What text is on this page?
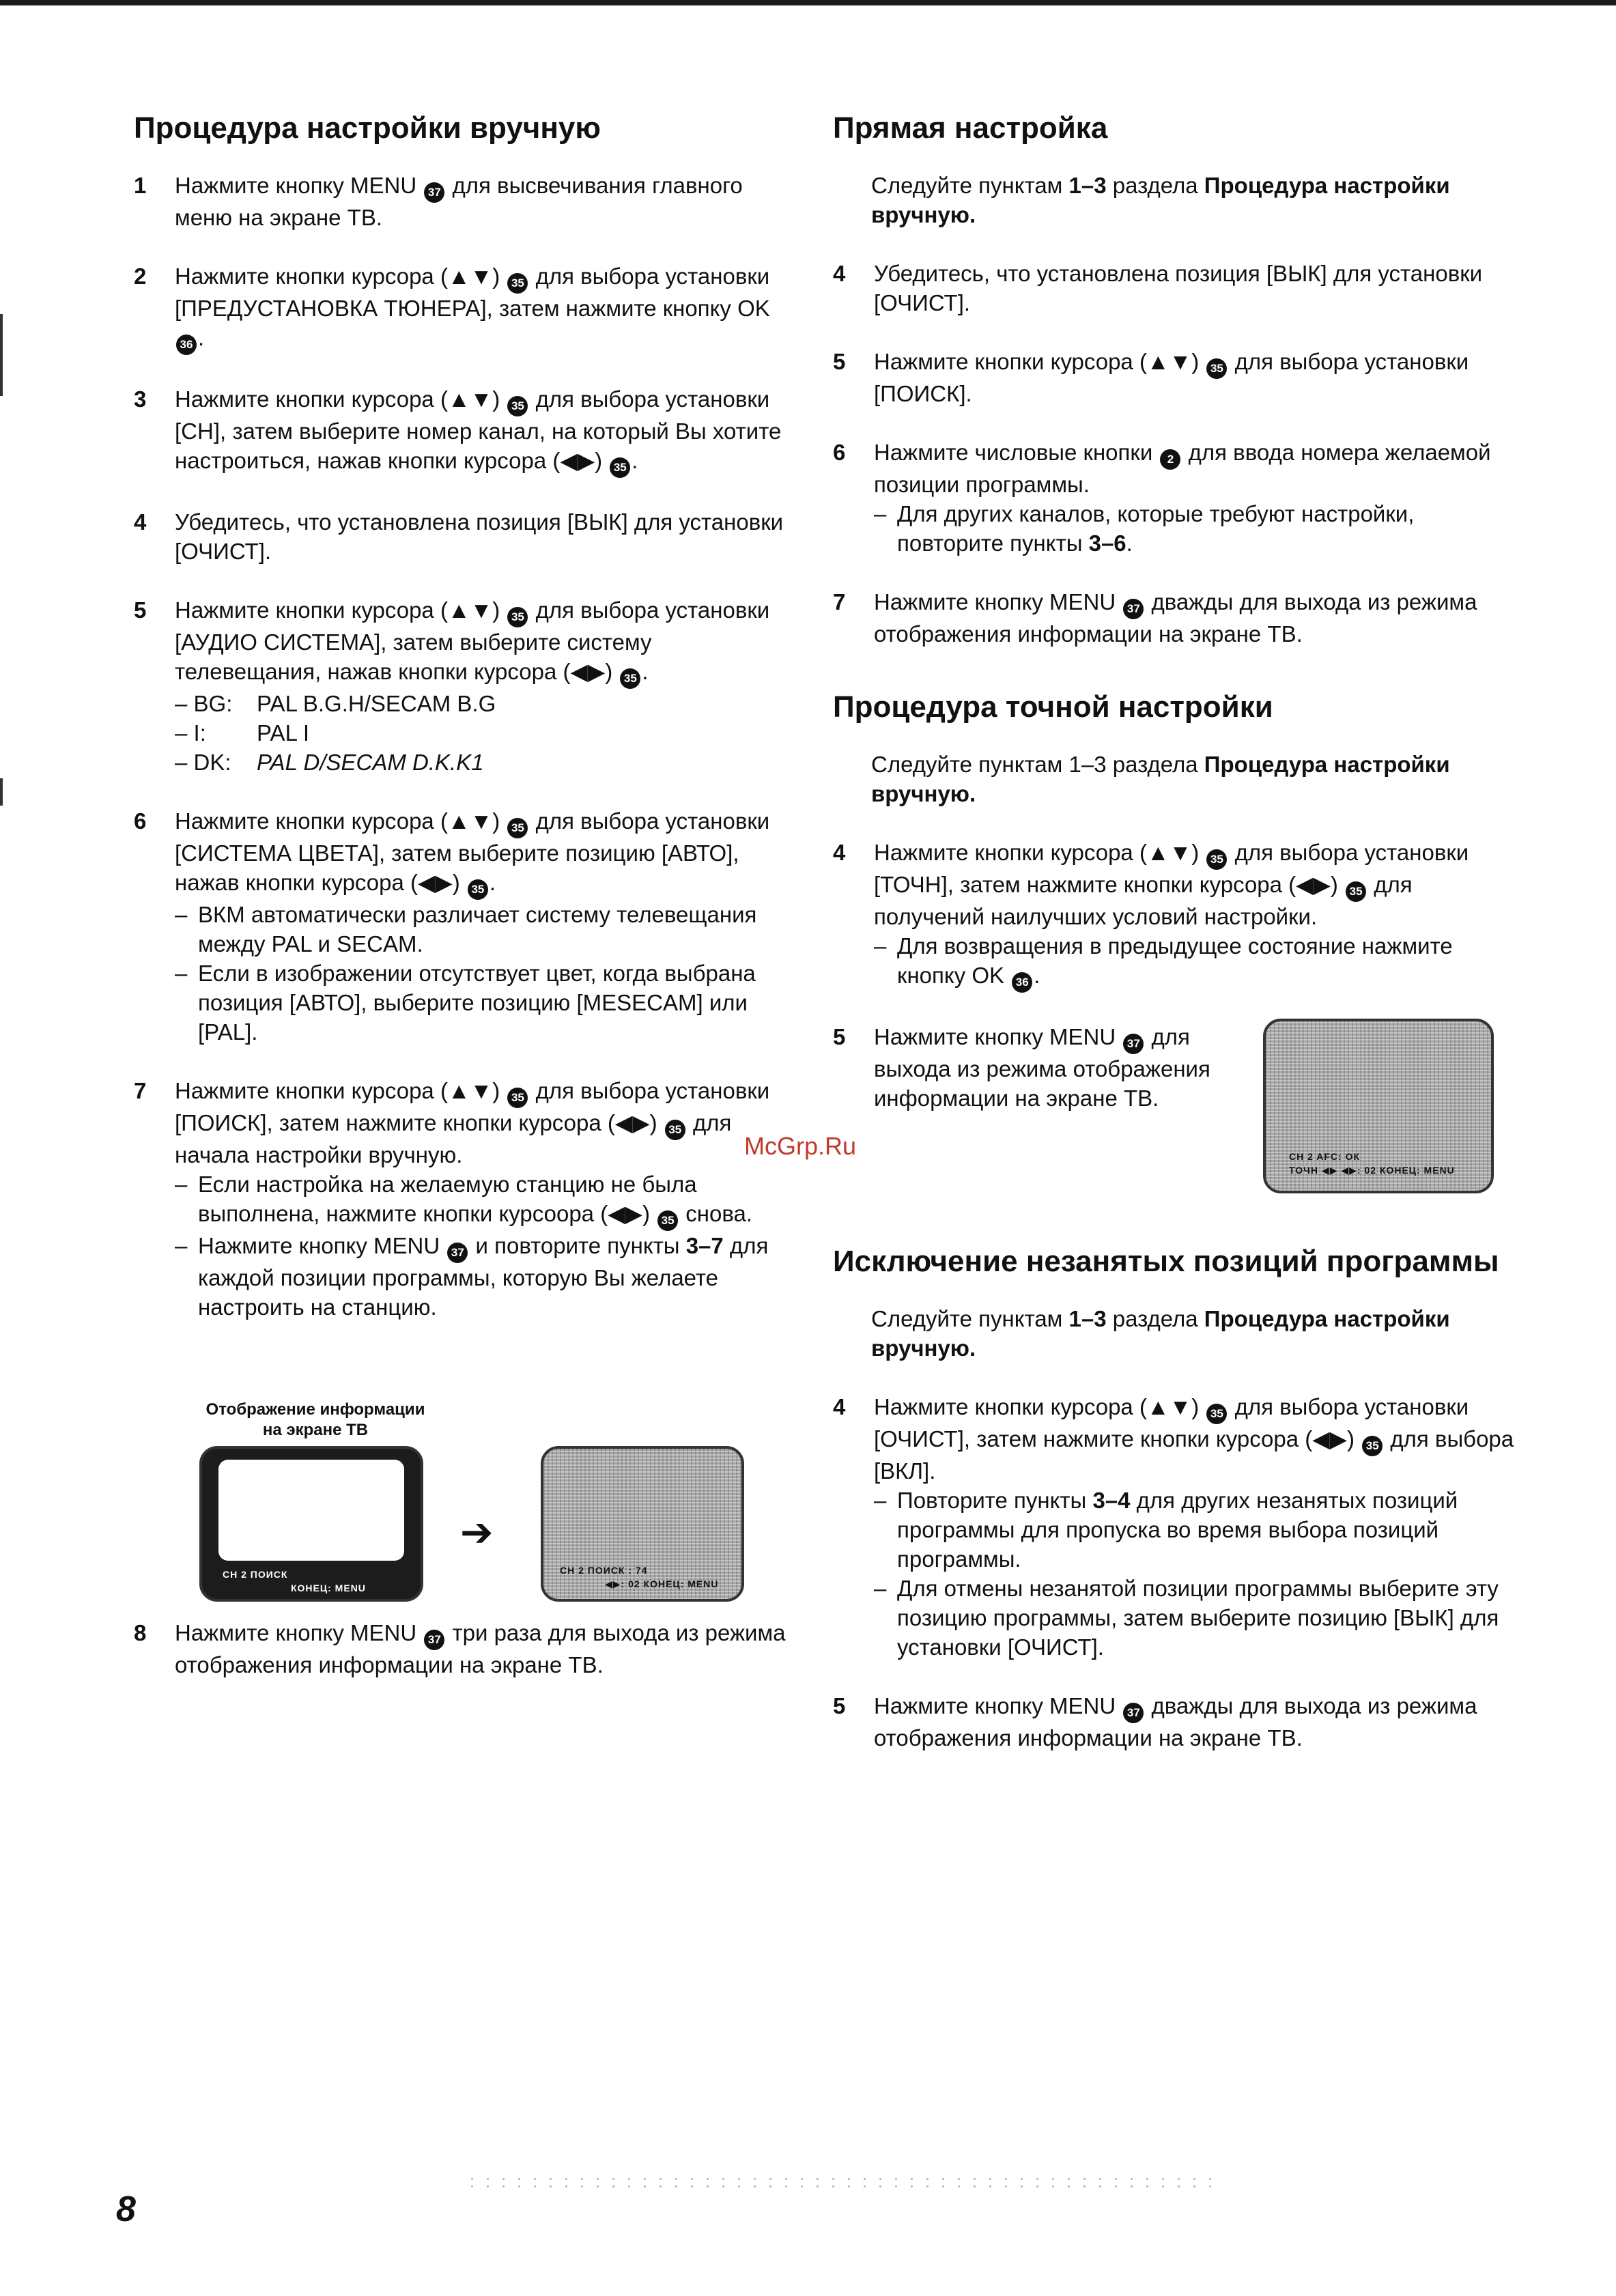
Процедура настройки вручную
1 Нажмите кнопку MENU 37 для высвечивания главного меню на экране ТВ.
2 Нажмите кнопки курсора (▲▼) 35 для выбора установки [ПРЕДУСТАНОВКА ТЮНЕРА], затем нажмите кнопку OK 36 .
3 Нажмите кнопки курсора (▲▼) 35 для выбора установки [CH], затем выберите номер канал, на который Вы хотите настроиться, нажав кнопки курсора (◀▶) 35 .
4 Убедитесь, что установлена позиция [ВЫК] для установки [ОЧИСТ].
5 Нажмите кнопки курсора (▲▼) 35 для выбора установки [АУДИО СИСТЕМА], затем выберите систему телевещания, нажав кнопки курсора (◀▶) 35 .
– BG:	PAL B.G.H/SECAM B.G
– I:	PAL I
– DK:	PAL D/SECAM D.K.K1
6 Нажмите кнопки курсора (▲▼) 35 для выбора установки [СИСТЕМА ЦВЕТА], затем выберите позицию [АВТО], нажав кнопки курсора (◀▶) 35 .
– ВКМ автоматически различает систему телевещания между PAL и SECAM.
– Если в изображении отсутствует цвет, когда выбрана позиция [АВТО], выберите позицию [MESECAM] или [PAL].
7 Нажмите кнопки курсора (▲▼) 35 для выбора установки [ПОИСК], затем нажмите кнопки курсора (◀▶) 35 для начала настройки вручную.
– Если настройка на желаемую станцию не была выполнена, нажмите кнопки курсоора (◀▶) 35 снова.
– Нажмите кнопку MENU 37 и повторите пункты 3–7 для каждой позиции программы, которую Вы желаете настроить на станцию.
8 Нажмите кнопку MENU 37 три раза для выхода из режима отображения информации на экране ТВ.
Отображение информации на экране ТВ
CH 2 ПОИСК
КОНЕЦ: MENU
➔
CH 2 ПОИСК : 74
◀▶: 02 КОНЕЦ: MENU
Прямая настройка
Следуйте пунктам 1–3 раздела Процедура настройки вручную.
4 Убедитесь, что установлена позиция [ВЫК] для установки [ОЧИСТ].
5 Нажмите кнопки курсора (▲▼) 35 для выбора установки [ПОИСК].
6 Нажмите числовые кнопки 2 для ввода номера желаемой позиции программы.
– Для других каналов, которые требуют настройки, повторите пункты 3–6.
7 Нажмите кнопку MENU 37 дважды для выхода из режима отображения информации на экране ТВ.
Процедура точной настройки
Следуйте пунктам 1–3 раздела Процедура настройки вручную.
4 Нажмите кнопки курсора (▲▼) 35 для выбора установки [ТОЧН], затем нажмите кнопки курсора (◀▶) 35 для получений наилучших условий настройки.
– Для возвращения в предыдущее состояние нажмите кнопку OK 36 .
5 Нажмите кнопку MENU 37 для выхода из режима отображения информации на экране ТВ.
Исключение незанятых позиций программы
Следуйте пунктам 1–3 раздела Процедура настройки вручную.
4 Нажмите кнопки курсора (▲▼) 35 для выбора установки [ОЧИСТ], затем нажмите кнопки курсора (◀▶) 35 для выбора [ВКЛ].
– Повторите пункты 3–4 для других незанятых позиций программы для пропуска во время выбора позиций программы.
– Для отмены незанятой позиции программы выберите эту позицию программы, затем выберите позицию [ВЫК] для установки [ОЧИСТ].
5 Нажмите кнопку MENU 37 дважды для выхода из режима отображения информации на экране ТВ.
CH 2 AFC: ОК
ТОЧН ◀▶ ◀▶: 02 КОНЕЦ: MENU
McGrp.Ru
8
